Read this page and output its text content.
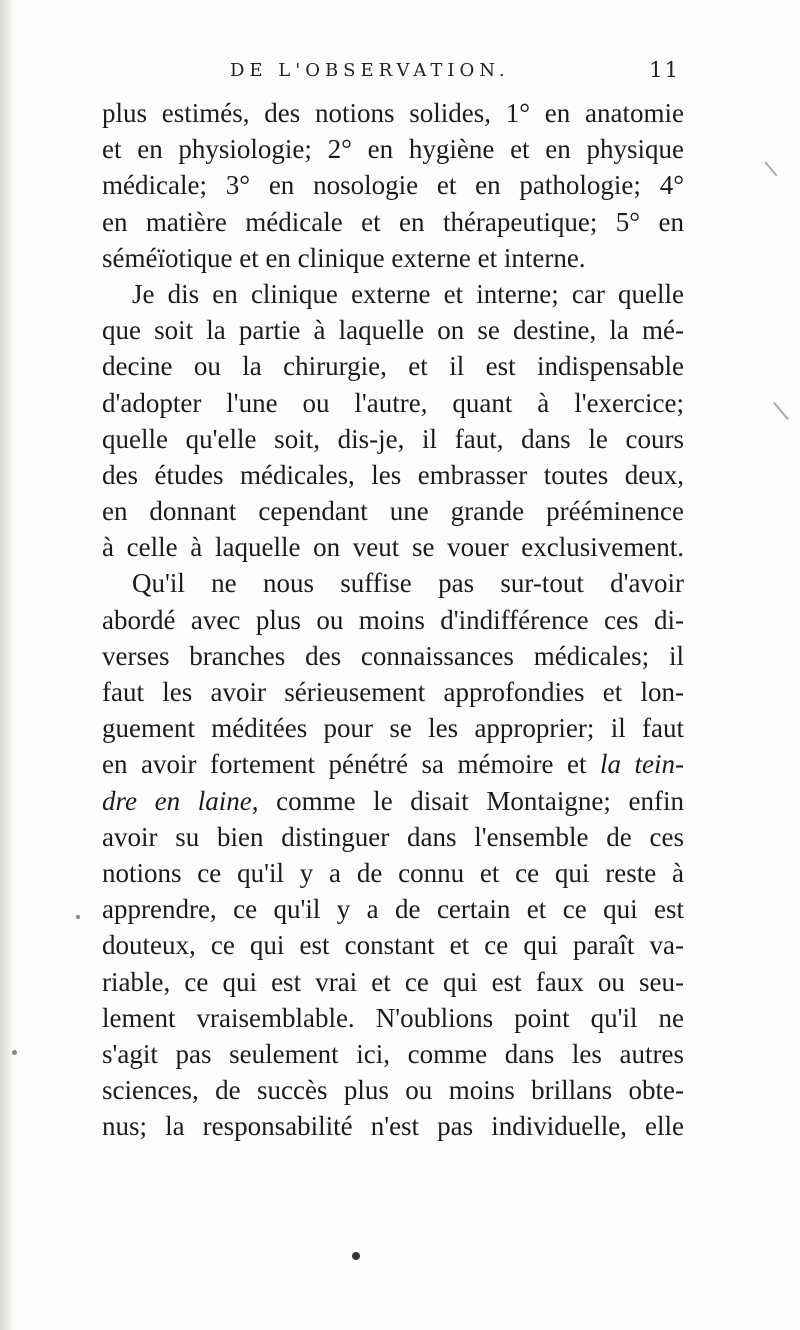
DE L'OBSERVATION.	11
plus estimés, des notions solides, 1° en anatomie
et en physiologie; 2° en hygiène et en physique
médicale; 3° en nosologie et en pathologie; 4°
en matière médicale et en thérapeutique; 5° en
séméïotique et en clinique externe et interne.
Je dis en clinique externe et interne; car quelle
que soit la partie à laquelle on se destine, la mé-
decine ou la chirurgie, et il est indispensable
d'adopter l'une ou l'autre, quant à l'exercice;
quelle qu'elle soit, dis-je, il faut, dans le cours
des études médicales, les embrasser toutes deux,
en donnant cependant une grande prééminence
à celle à laquelle on veut se vouer exclusivement.
Qu'il ne nous suffise pas sur-tout d'avoir
abordé avec plus ou moins d'indifférence ces di-
verses branches des connaissances médicales; il
faut les avoir sérieusement approfondies et lon-
guement méditées pour se les approprier; il faut
en avoir fortement pénétré sa mémoire et la tein-
dre en laine, comme le disait Montaigne; enfin
avoir su bien distinguer dans l'ensemble de ces
notions ce qu'il y a de connu et ce qui reste à
apprendre, ce qu'il y a de certain et ce qui est
douteux, ce qui est constant et ce qui paraît va-
riable, ce qui est vrai et ce qui est faux ou seu-
lement vraisemblable. N'oublions point qu'il ne
s'agit pas seulement ici, comme dans les autres
sciences, de succès plus ou moins brillans obte-
nus; la responsabilité n'est pas individuelle, elle
